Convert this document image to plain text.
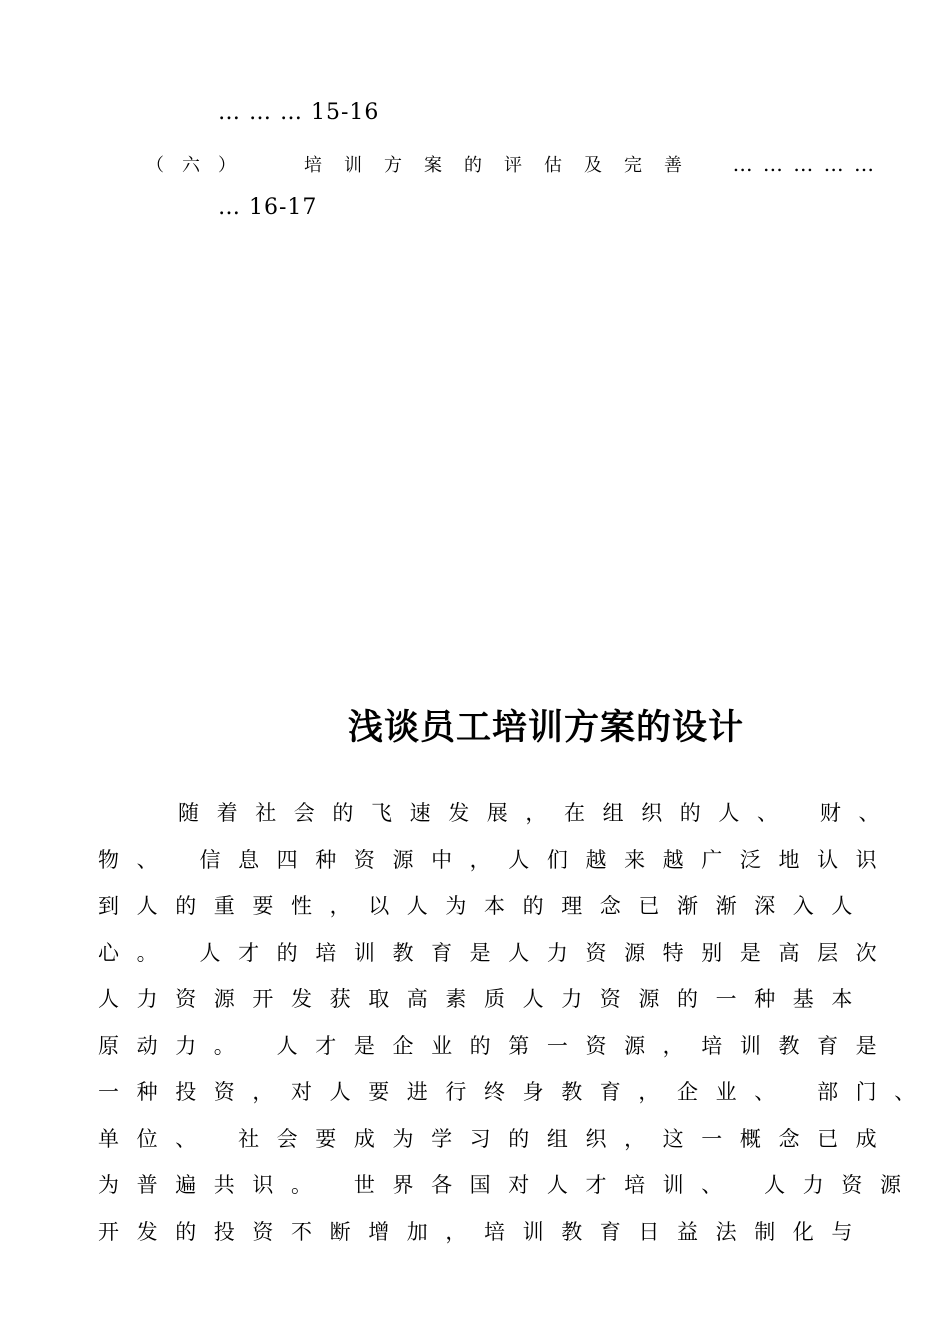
… … … 15-16
（六）	培训方案的评估及完善 … … … … …
… 16-17
浅谈员工培训方案的设计
随着社会的飞速发展，在组织的人、 财、
物、 信息四种资源中，人们越来越广泛地认识
到人的重要性，以人为本的理念已渐渐深入人
心。 人才的培训教育是人力资源特别是高层次
人力资源开发获取高素质人力资源的一种基本
原动力。 人才是企业的第一资源，培训教育是
一种投资，对人要进行终身教育，企业、 部门、
单位、 社会要成为学习的组织，这一概念已成
为普遍共识。 世界各国对人才培训、 人力资源
开发的投资不断增加，培训教育日益法制化与
